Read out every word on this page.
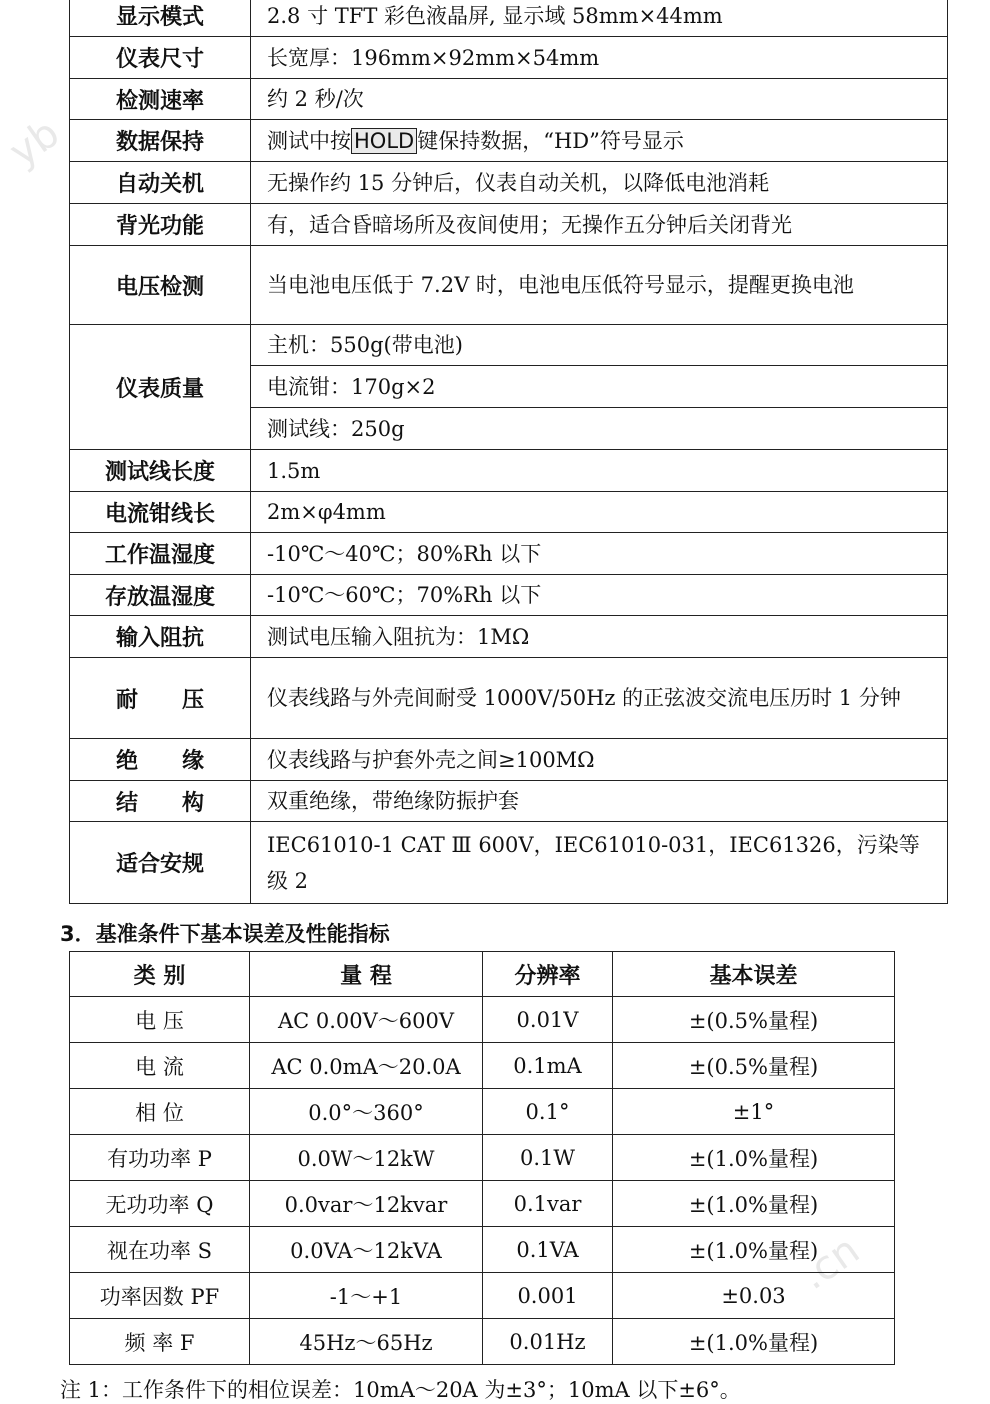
yb
.cn
显示模式	2.8 寸 TFT 彩色液晶屏, 显示域 58mm×44mm
仪表尺寸	长宽厚：196mm×92mm×54mm
检测速率	约 2 秒/次
数据保持	测试中按 HOLD 键保持数据，“HD”符号显示
自动关机	无操作约 15 分钟后，仪表自动关机，以降低电池消耗
背光功能	有，适合昏暗场所及夜间使用；无操作五分钟后关闭背光
电压检测	当电池电压低于 7.2V 时，电池电压低符号显示，提醒更换电池
仪表质量	主机：550g(带电池)
	电流钳：170g×2
	测试线：250g
测试线长度	1.5m
电流钳线长	2m×φ4mm
工作温湿度	-10℃～40℃；80%Rh 以下
存放温湿度	-10℃～60℃；70%Rh 以下
输入阻抗	测试电压输入阻抗为：1MΩ
耐　　压	仪表线路与外壳间耐受 1000V/50Hz 的正弦波交流电压历时 1 分钟
绝　　缘	仪表线路与护套外壳之间≥100MΩ
结　　构	双重绝缘，带绝缘防振护套
适合安规	IEC61010-1 CAT Ⅲ 600V，IEC61010-031，IEC61326，污染等级 2
3．基准条件下基本误差及性能指标
类 别	量 程	分辨率	基本误差
电 压	AC 0.00V～600V	0.01V	±(0.5%量程)
电 流	AC 0.0mA～20.0A	0.1mA	±(0.5%量程)
相 位	0.0°～360°	0.1°	±1°
有功功率 P	0.0W～12kW	0.1W	±(1.0%量程)
无功功率 Q	0.0var～12kvar	0.1var	±(1.0%量程)
视在功率 S	0.0VA～12kVA	0.1VA	±(1.0%量程)
功率因数 PF	-1～+1	0.001	±0.03
频 率 F	45Hz～65Hz	0.01Hz	±(1.0%量程)
注 1：工作条件下的相位误差：10mA～20A 为±3°；10mA 以下±6°。
